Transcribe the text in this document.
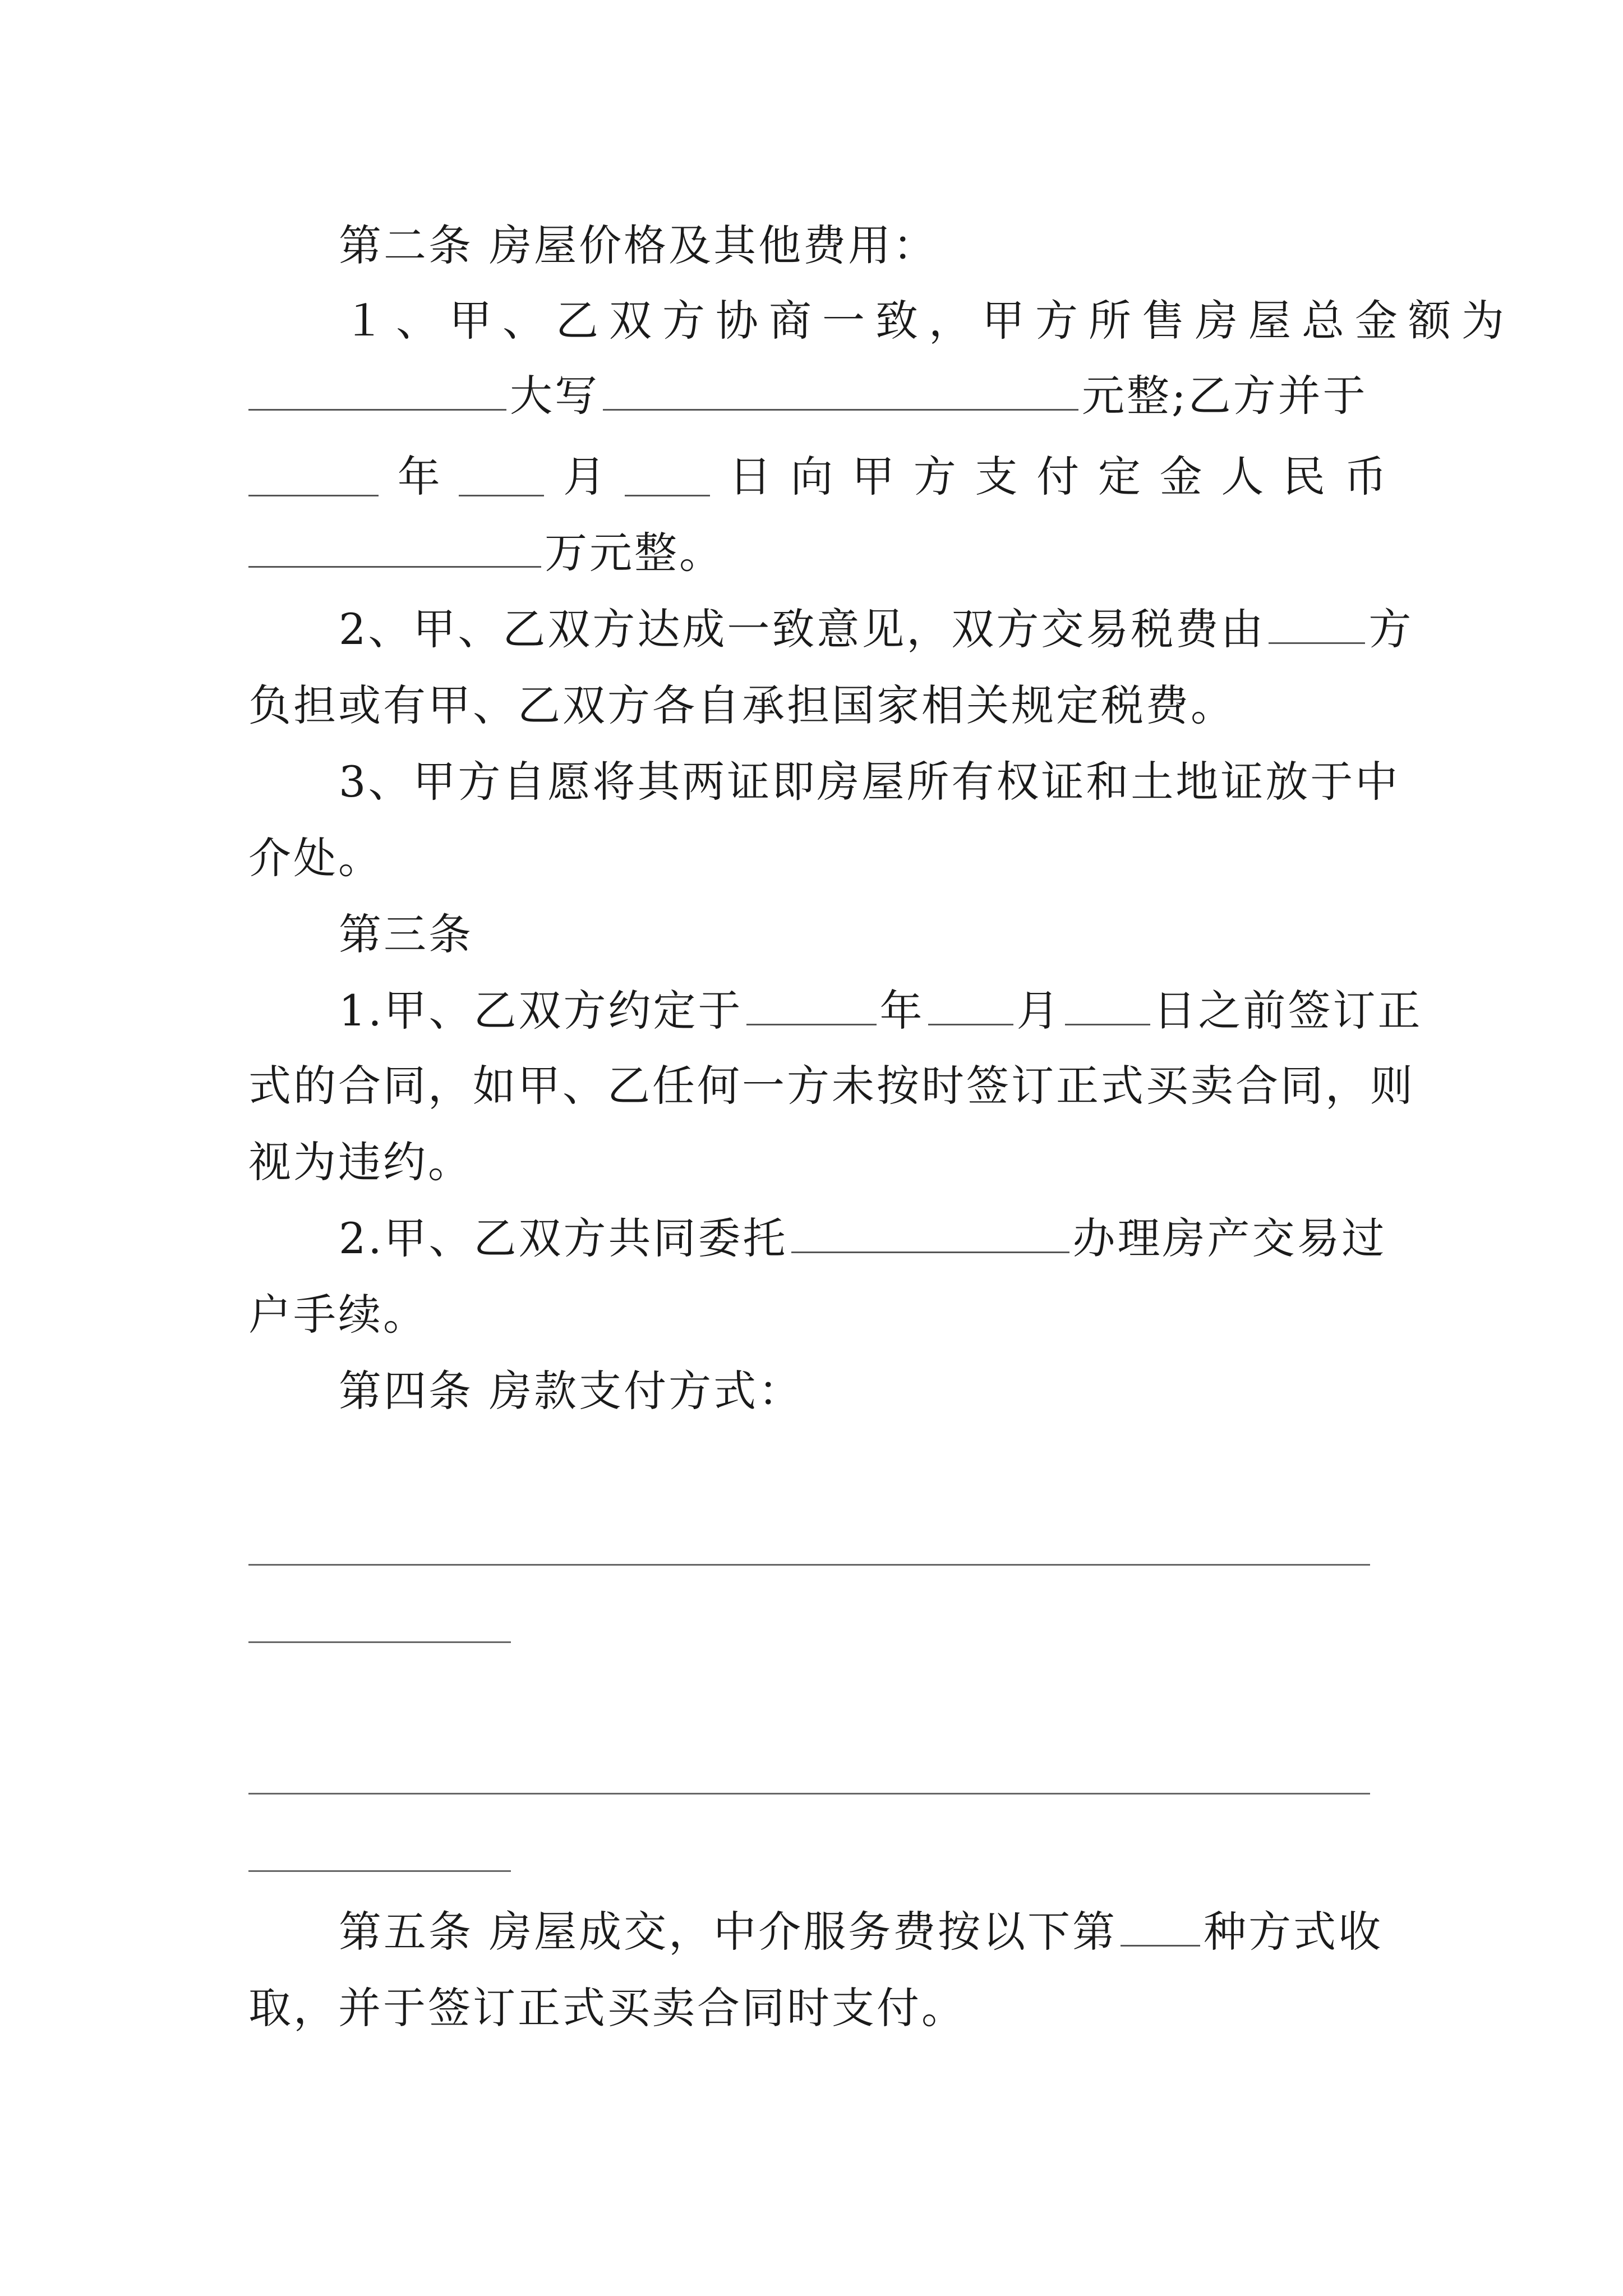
第二条 房屋价格及其他费用：
１、甲、乙双方协商一致，甲方所售房屋总金额为
大写	元整;乙方并于
年	月	日 向 甲 方 支 付 定 金 人 民 币
万元整。
2、甲、乙双方达成一致意见，双方交易税费由 方
负担或有甲、乙双方各自承担国家相关规定税费。
3、甲方自愿将其两证即房屋所有权证和土地证放于中
介处。
第三条
1.甲、乙双方约定于	年 月 日之前签订正
式的合同，如甲、乙任何一方未按时签订正式买卖合同，则
视为违约。
2.甲、乙双方共同委托	办理房产交易过
户手续。
第四条 房款支付方式：
第五条 房屋成交，中介服务费按以下第 种方式收
取，并于签订正式买卖合同时支付。
